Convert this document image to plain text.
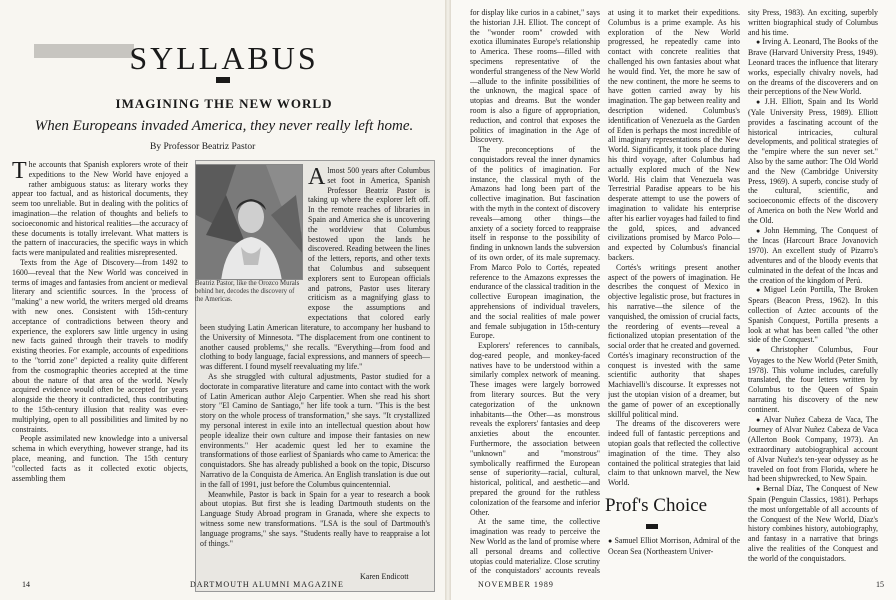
SYLLABUS
IMAGINING THE NEW WORLD
When Europeans invaded America, they never really left home.
By Professor Beatriz Pastor

The accounts that Spanish explorers wrote of their expeditions to the New World have enjoyed a rather ambiguous status: as literary works they appear too factual, and as historical documents, they seem too unreliable. But in dealing with the politics of imagination—the relation of thoughts and beliefs to socioeconomic and historical realities—the accuracy of these documents is totally irrelevant. What matters is the pattern of inaccuracies, the specific ways in which facts were manipulated and realities misrepresented.

Texts from the Age of Discovery—from 1492 to 1600—reveal that the New World was conceived in terms of images and fantasies from ancient or medieval literary and scientific sources. In the 'process of "making" a new world, the writers merged old dreams with new ones. Consistent with 15th-century acceptance of contradictions between theory and experience, the explorers saw little urgency in using new facts gained through their travels to modify existing theories. For example, accounts of expeditions to the "torrid zone" depicted a reality quite different from the cosmographic theories accepted at the time about the nature of that area of the world. Newly acquired evidence would often be accepted for years alongside the theory it contradicted, thus contributing to the 15th-century illusion that reality was ever-multiplying, open to all possibilities and limited by no constraints.

People assimilated new knowledge into a universal schema in which everything, however strange, had its place, meaning, and function. The 15th century "collected facts as it collected exotic objects, assembling them

Beatriz Pastor, like the Orozco Murals behind her, decodes the discovery of the Americas.

Almost 500 years after Columbus set foot in America, Spanish Professor Beatriz Pastor is taking up where the explorer left off. In the remote reaches of libraries in Spain and America she is uncovering the worldview that Columbus bestowed upon the lands he discovered. Reading between the lines of the letters, reports, and other texts that Columbus and subsequent explorers sent to European officials and patrons, Pastor uses literary criticism as a magnifying glass to expose the assumptions and expectations that colored early

been studying Latin American literature, to accompany her husband to the University of Minnesota. "The displacement from one continent to another caused problems," she recalls. "Everything—from food and clothing to body language, facial expressions, and manners of speech—was different. I found myself reevaluating my life."

As she struggled with cultural adjustments, Pastor studied for a doctorate in comparative literature and came into contact with the work of Latin American author Alejo Carpentier. When she read his short story "El Camino de Santiago," her life took a turn. "This is the best story on the whole process of transformation," she says. "It crystallized my personal interest in exile into an intellectual question about how people idealize their own culture and impose their fantasies on new environments." Her academic quest led her to examine the transformations of those earliest of Spaniards who came to America: the conquistadors. She has already published a book on the topic, Discurso Narrativo de la Conquista de America. An English translation is due out in the fall of 1991, just before the Columbus quincentennial.

Meanwhile, Pastor is back in Spain for a year to research a book about utopias. But first she is leading Dartmouth students on the Language Study Abroad program in Granada, where she expects to witness some new transformations. "LSA is the soul of Dartmouth's language programs," she says. "Students really have to reappraise a lot of things."

Karen Endicott
14	DARTMOUTH ALUMNI MAGAZINE

for display like curios in a cabinet," says the historian J.H. Elliot. The concept of the "wonder room" crowded with exotica illuminates Europe's relationship to America. These rooms—filled with specimens representative of the wonderful strangeness of the New World—allude to the infinite possibilities of the unknown, the magical space of utopias and dreams. But the wonder room is also a figure of appropriation, reduction, and control that exposes the politics of imagination in the Age of Discovery.

The preconceptions of the conquistadors reveal the inner dynamics of the politics of imagination. For instance, the classical myth of the Amazons had long been part of the collective imagination. But fascination with the myth in the context of discovery reveals—among other things—the anxiety of a society forced to reappraise itself in response to the possibility of finding in unknown lands the subversion of its own order, of its male supremacy. From Marco Polo to Cortés, repeated reference to the Amazons expresses the endurance of the classical tradition in the collective European imagination, the apprehensions of individual travelers, and the social realities of male power and female subjugation in 15th-century Europe.

Explorers' references to cannibals, dog-eared people, and monkey-faced natives have to be understood within a similarly complex network of meaning. These images were largely borrowed from literary sources. But the very categorization of the unknown inhabitants—the Other—as monstrous reveals the explorers' fantasies and deep anxieties about the encounter. Furthermore, the association between "unknown" and "monstrous" symbolically reaffirmed the European sense of superiority—racial, cultural, historical, political, and aesthetic—and prepared the ground for the ruthless colonization of the fearsome and inferior Other.

At the same time, the collective imagination was ready to perceive the New World as the land of promise where all personal dreams and collective utopias could materialize. Close scrutiny of the conquistadors' accounts reveals

at using it to market their expeditions. Columbus is a prime example. As his exploration of the New World progressed, he repeatedly came into contact with concrete realities that challenged his own fantasies about what he would find. Yet, the more he saw of the new continent, the more he seems to have gotten carried away by his imagination. The gap between reality and description widened. Columbus's identification of Venezuela as the Garden of Eden is perhaps the most incredible of all imaginary representations of the New World. Significantly, it took place during his third voyage, after Columbus had actually explored much of the New World. His claim that Venezuela was Terrestrial Paradise appears to be his desperate attempt to use the powers of imagination to validate his enterprise after his earlier voyages had failed to find the gold, spices, and advanced civilizations promised by Marco Polo—and expected by Columbus's financial backers.

Cortés's writings present another aspect of the powers of imagination. He describes the conquest of Mexico in objective legalistic prose, but fractures in his narrative—the silence of the vanquished, the omission of crucial facts, the reordering of events—reveal a fictionalized utopian presentation of the social order that he created and governed. Cortés's imaginary reconstruction of the conquest is invested with the same scientific authority that shapes Machiavelli's discourse. It expresses not just the utopian vision of a dreamer, but the game of power of an exceptionally skillful political mind.

The dreams of the discoverers were indeed full of fantastic perceptions and utopian goals that reflected the collective imagination of the time. They also contained the political strategies that laid claim to that unknown marvel, the New World.

Prof's Choice

● Samuel Elliot Morrison, Admiral of the Ocean Sea (Northeastern Univer-

sity Press, 1983). An exciting, superbly written biographical study of Columbus and his time.

● Irving A. Leonard, The Books of the Brave (Harvard University Press, 1949). Leonard traces the influence that literary works, especially chivalry novels, had on the dreams of the discoverers and on their perceptions of the New World.

● J.H. Elliott, Spain and Its World (Yale University Press, 1989). Elliott provides a fascinating account of the historical intricacies, cultural developments, and political strategies of the "empire where the sun never set." Also by the same author: The Old World and the New (Cambridge University Press, 1969). A superb, concise study of the cultural, scientific, and socioeconomic effects of the discovery of America on both the New World and the Old.

● John Hemming, The Conquest of the Incas (Harcourt Brace Jovanovich 1970). An excellent study of Pizarro's adventures and of the bloody events that culminated in the defeat of the Incas and the creation of the kingdom of Perú.

● Miguel León Portilla, The Broken Spears (Beacon Press, 1962). In this collection of Aztec accounts of the Spanish Conquest, Portilla presents a look at what has been called "the other side of the Conquest."

● Christopher Columbus, Four Voyages to the New World (Peter Smith, 1978). This volume includes, carefully translated, the four letters written by Columbus to the Queen of Spain narrating his discovery of the new continent.

● Alvar Nuñez Cabeza de Vaca, The Journey of Alvar Nuñez Cabeza de Vaca (Allerton Book Company, 1973). An extraordinary autobiographical account of Alvar Nuñez's ten-year odyssey as he traveled on foot from Florida, where he had been shipwrecked, to New Spain.

● Bernal Díaz, The Conquest of New Spain (Penguin Classics, 1981). Perhaps the most unforgettable of all accounts of the Conquest of the New World, Díaz's history combines history, autobiography, and fantasy in a narrative that brings alive the realities of the Conquest and the world of the conquistadors.

NOVEMBER 1989	15
